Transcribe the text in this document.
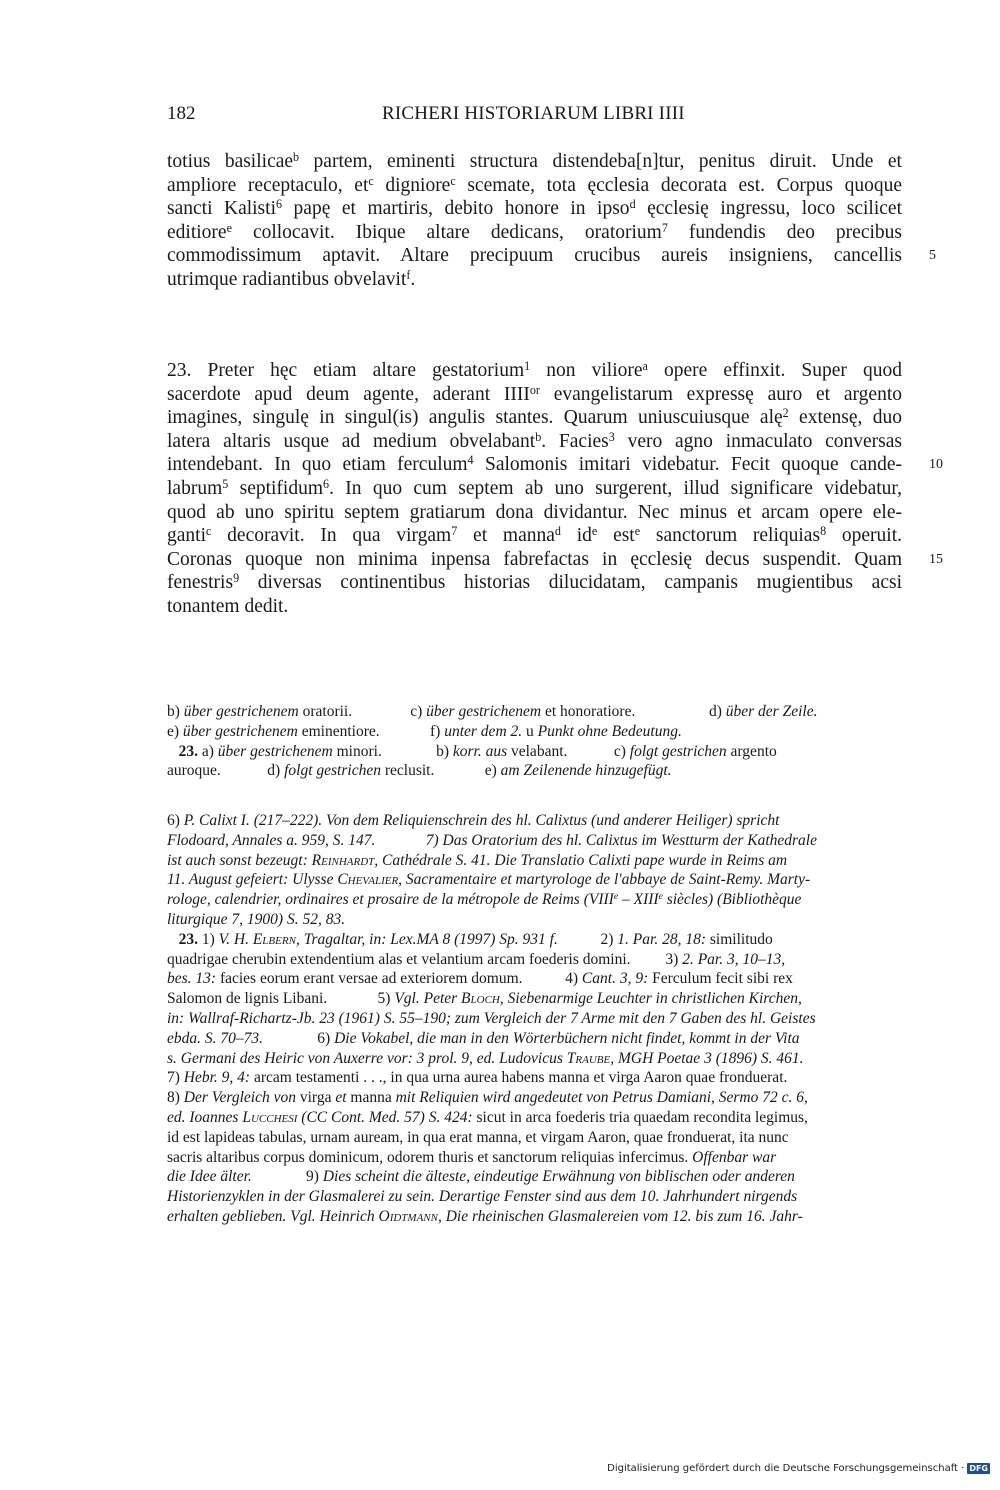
182	RICHERI HISTORIARUM LIBRI IIII
totius basilicae$^b$ partem, eminenti structura distendeba[n]tur, penitus diruit. Unde et
ampliore receptaculo, $et^c$ digniore$^c$ scemate, tota ęcclesia decorata est. Corpus quoque
sancti Kalisti$^6$ papę et martiris, debito honore in ipso$^d$ ęcclesię ingressu, loco scilicet
editiore$^e$ collocavit. Ibique altare dedicans, oratorium$^7$ fundendis deo precibus
commodissimum aptavit. Altare precipuum crucibus aureis insigniens, cancellis 5
utrimque radiantibus obvelavit$^f$.
23. Preter hęc etiam altare gestatorium$^1$ non viliore$^a$ opere effinxit. Super quod
sacerdote apud deum agente, aderant $IIII^{or}$ evangelistarum expressę auro et argento
imagines, singulę in singul(is) angulis stantes. Quarum uniuscuiusque alę$^2$ extensę, duo
latera altaris usque ad medium obvelabant$^b$. Facies$^3$ vero agno inmaculato conversas
intendebant. In quo etiam ferculum$^4$ Salomonis imitari videbatur. Fecit quoque cande- 10
labrum$^5$ septifidum$^6$. In quo cum septem ab uno surgerent, illud significare videbatur,
quod ab uno spiritu septem gratiarum dona dividantur. Nec minus et arcam opere ele-
ganti$^c$ decoravit. In qua virgam$^7$ et manna$^d$ $id^e$ est$^e$ sanctorum reliquias$^8$ operuit.
Coronas quoque non minima inpensa fabrefactas in ęcclesię decus suspendit. Quam 15
fenestris$^9$ diversas continentibus historias dilucidatam, campanis mugientibus acsi
tonantem dedit.
b) über gestrichenem oratorii.               c) über gestrichenem et honoratiore.                   d) über der Zeile.
e) über gestrichenem eminentiore.             f) unter dem 2. u Punkt ohne Bedeutung.
23. a) über gestrichenem minori.              b) korr. aus velabant.            c) folgt gestrichen argento
auroque.            d) folgt gestrichen reclusit.             e) am Zeilenende hinzugefügt.
6) P. Calixt I. (217–222). Von dem Reliquienschrein des hl. Calixtus (und anderer Heiliger) spricht
Flodoard, Annales a. 959, S. 147.	7) Das Oratorium des hl. Calixtus im Westturm der Kathedrale
ist auch sonst bezeugt: Reinhardt, Cathédrale S. 41. Die Translatio Calixti pape wurde in Reims am
11. August gefeiert: Ulysse Chevalier, Sacramentaire et martyrologe de l'abbaye de Saint-Remy. Marty-
rologe, calendrier, ordinaires et prosaire de la métropole de Reims (VIIIe – XIIIe siècles) (Bibliothèque
liturgique 7, 1900) S. 52, 83.
23. 1) V. H. Elbern, Tragaltar, in: Lex.MA 8 (1997) Sp. 931 f.           2) 1. Par. 28, 18: similitudo
quadrigae cherubin extendentium alas et velantium arcam foederis domini.         3) 2. Par. 3, 10–13,
bes. 13: facies eorum erant versae ad exteriorem domum.           4) Cant. 3, 9: Ferculum fecit sibi rex
Salomon de lignis Libani.             5) Vgl. Peter Bloch, Siebenarmige Leuchter in christlichen Kirchen,
in: Wallraf-Richartz-Jb. 23 (1961) S. 55–190; zum Vergleich der 7 Arme mit den 7 Gaben des hl. Geistes
ebda. S. 70–73.              6) Die Vokabel, die man in den Wörterbüchern nicht findet, kommt in der Vita
s. Germani des Heiric von Auxerre vor: 3 prol. 9, ed. Ludovicus Traube, MGH Poetae 3 (1896) S. 461.
7) Hebr. 9, 4: arcam testamenti . . ., in qua urna aurea habens manna et virga Aaron quae fronduerat.
8) Der Vergleich von virga et manna mit Reliquien wird angedeutet von Petrus Damiani, Sermo 72 c. 6,
ed. Ioannes Lucchesi (CC Cont. Med. 57) S. 424: sicut in arca foederis tria quaedam recondita legimus,
id est lapideas tabulas, urnam auream, in qua erat manna, et virgam Aaron, quae fronduerat, ita nunc
sacris altaribus corpus dominicum, odorem thuris et sanctorum reliquias infercimus. Offenbar war
die Idee älter.              9) Dies scheint die älteste, eindeutige Erwähnung von biblischen oder anderen
Historienzyklen in der Glasmalerei zu sein. Derartige Fenster sind aus dem 10. Jahrhundert nirgends
erhalten geblieben. Vgl. Heinrich Oidtmann, Die rheinischen Glasmalereien vom 12. bis zum 16. Jahr-
Digitalisierung gefördert durch die Deutsche Forschungsgemeinschaft · DFG
